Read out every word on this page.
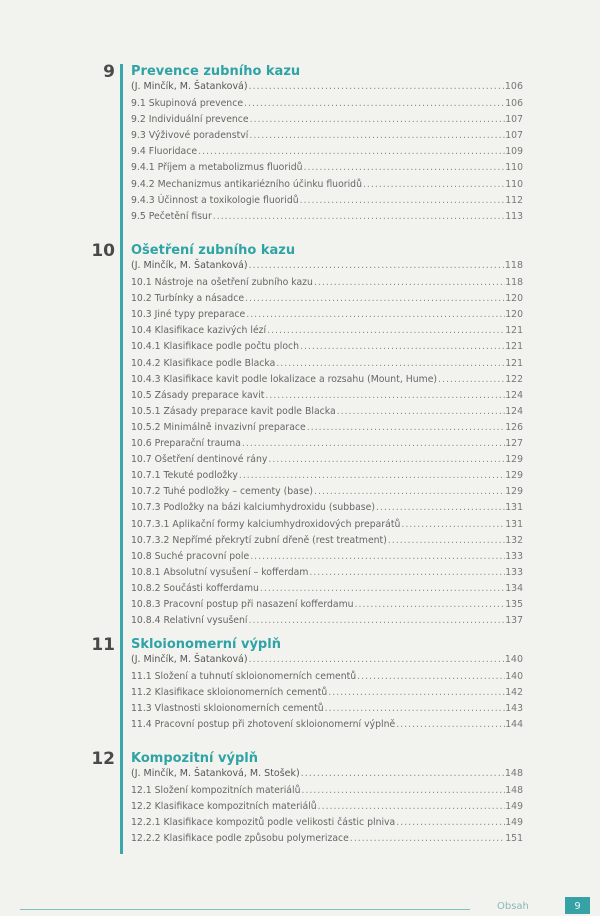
9 Prevence zubního kazu
(J. Minčík, M. Šatanková) .....	106
9.1 Skupinová prevence .....	106
9.2 Individuální prevence .....	107
9.3 Výživové poradenství .....	107
9.4 Fluoridace .....	109
9.4.1 Příjem a metabolizmus fluoridů .....	110
9.4.2 Mechanizmus antikariézního účinku fluoridů .....	110
9.4.3 Účinnost a toxikologie fluoridů .....	112
9.5 Pečetění fisur .....	113
10 Ošetření zubního kazu
(J. Minčík, M. Šatanková) .....	118
10.1 Nástroje na ošetření zubního kazu .....	118
10.2 Turbínky a násadce .....	120
10.3 Jiné typy preparace .....	120
10.4 Klasifikace kazivých lézí .....	121
10.4.1 Klasifikace podle počtu ploch .....	121
10.4.2 Klasifikace podle Blacka .....	121
10.4.3 Klasifikace kavit podle lokalizace a rozsahu (Mount, Hume) .....	122
10.5 Zásady preparace kavit .....	124
10.5.1 Zásady preparace kavit podle Blacka .....	124
10.5.2 Minimálně invazivní preparace .....	126
10.6 Preparační trauma .....	127
10.7 Ošetření dentinové rány .....	129
10.7.1 Tekuté podložky .....	129
10.7.2 Tuhé podložky – cementy (base) .....	129
10.7.3 Podložky na bázi kalciumhydroxidu (subbase) .....	131
10.7.3.1 Aplikační formy kalciumhydroxidových preparátů .....	131
10.7.3.2 Nepřímé překrytí zubní dřeně (rest treatment) .....	132
10.8 Suché pracovní pole .....	133
10.8.1 Absolutní vysušení – kofferdam .....	133
10.8.2 Součásti kofferdamu .....	134
10.8.3 Pracovní postup při nasazení kofferdamu .....	135
10.8.4 Relativní vysušení .....	137
11 Skloionomerní výplň
(J. Minčík, M. Šatanková) .....	140
11.1 Složení a tuhnutí skloionomerních cementů .....	140
11.2 Klasifikace skloionomerních cementů .....	142
11.3 Vlastnosti skloionomerních cementů .....	143
11.4 Pracovní postup při zhotovení skloionomerní výplně .....	144
12 Kompozitní výplň
(J. Minčík, M. Šatanková, M. Stošek) .....	148
12.1 Složení kompozitních materiálů .....	148
12.2 Klasifikace kompozitních materiálů .....	149
12.2.1 Klasifikace kompozitů podle velikosti částic plniva .....	149
12.2.2 Klasifikace podle způsobu polymerizace .....	151
Obsah	9
